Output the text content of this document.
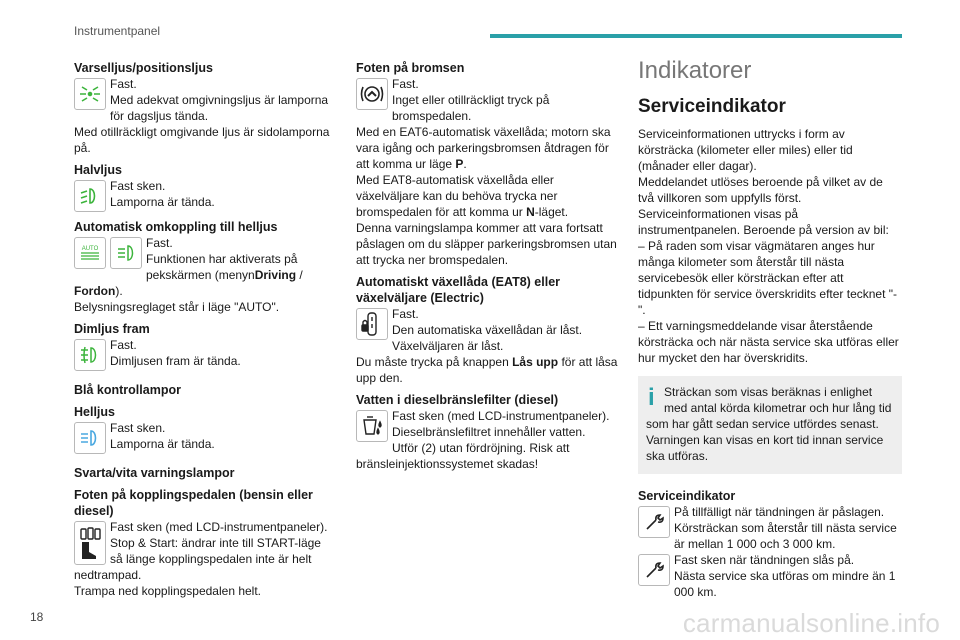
Instrumentpanel
Varselljus/positionsljus

Fast.

Med adekvat omgivningsljus är lamporna för dagsljus tända.

Med otillräckligt omgivande ljus är sidolamporna på.

Halvljus

Fast sken.

Lamporna är tända.

Automatisk omkoppling till helljus
AUTO	Fast.

Funktionen har aktiverats på pekskärmen (menynDriving / Fordon).

Belysningsreglaget står i läge "AUTO".

Dimljus fram

Fast.

Dimljusen fram är tända.

Blå kontrollampor
Helljus

Fast sken.

Lamporna är tända.

Svarta/vita varningslampor
Foten på kopplingspedalen (bensin eller diesel)

Fast sken (med LCD-instrumentpaneler).

Stop & Start: ändrar inte till START-läge så länge kopplingspedalen inte är helt nedtrampad.

Trampa ned kopplingspedalen helt.

Foten på bromsen

Fast.

Inget eller otillräckligt tryck på bromspedalen.

Med en EAT6-automatisk växellåda; motorn ska vara igång och parkeringsbromsen åtdragen för att komma ur läge P.

Med EAT8-automatisk växellåda eller växelväljare kan du behöva trycka ner bromspedalen för att komma ur N-läget.

Denna varningslampa kommer att vara fortsatt påslagen om du släpper parkeringsbromsen utan att trycka ner bromspedalen.

Automatiskt växellåda (EAT8) eller växelväljare (Electric)

Fast.

Den automatiska växellådan är låst.

Växelväljaren är låst.

Du måste trycka på knappen Lås upp för att låsa upp den.

Vatten i dieselbränslefilter (diesel)

Fast sken (med LCD-instrumentpaneler).

Dieselbränslefiltret innehåller vatten.

Utför (2) utan fördröjning. Risk att bränsleinjektionssystemet skadas!

Indikatorer
Serviceindikator

Serviceinformationen uttrycks i form av körsträcka (kilometer eller miles) eller tid (månader eller dagar).

Meddelandet utlöses beroende på vilket av de två villkoren som uppfylls först.

Serviceinformationen visas på instrumentpanelen. Beroende på version av bil:

– På raden som visar vägmätaren anges hur många kilometer som återstår till nästa servicebesök eller körsträckan efter att tidpunkten för service överskridits efter tecknet "-".

– Ett varningsmeddelande visar återstående körsträcka och när nästa service ska utföras eller hur mycket den har överskridits.

i Sträckan som visas beräknas i enlighet med antal körda kilometrar och hur lång tid som har gått sedan service utfördes senast.

Varningen kan visas en kort tid innan service ska utföras.

Serviceindikator

På tillfälligt när tändningen är påslagen.

Körsträckan som återstår till nästa service är mellan 1 000 och 3 000 km.

Fast sken när tändningen slås på.

Nästa service ska utföras om mindre än 1 000 km.

18	carmanualsonline.info
